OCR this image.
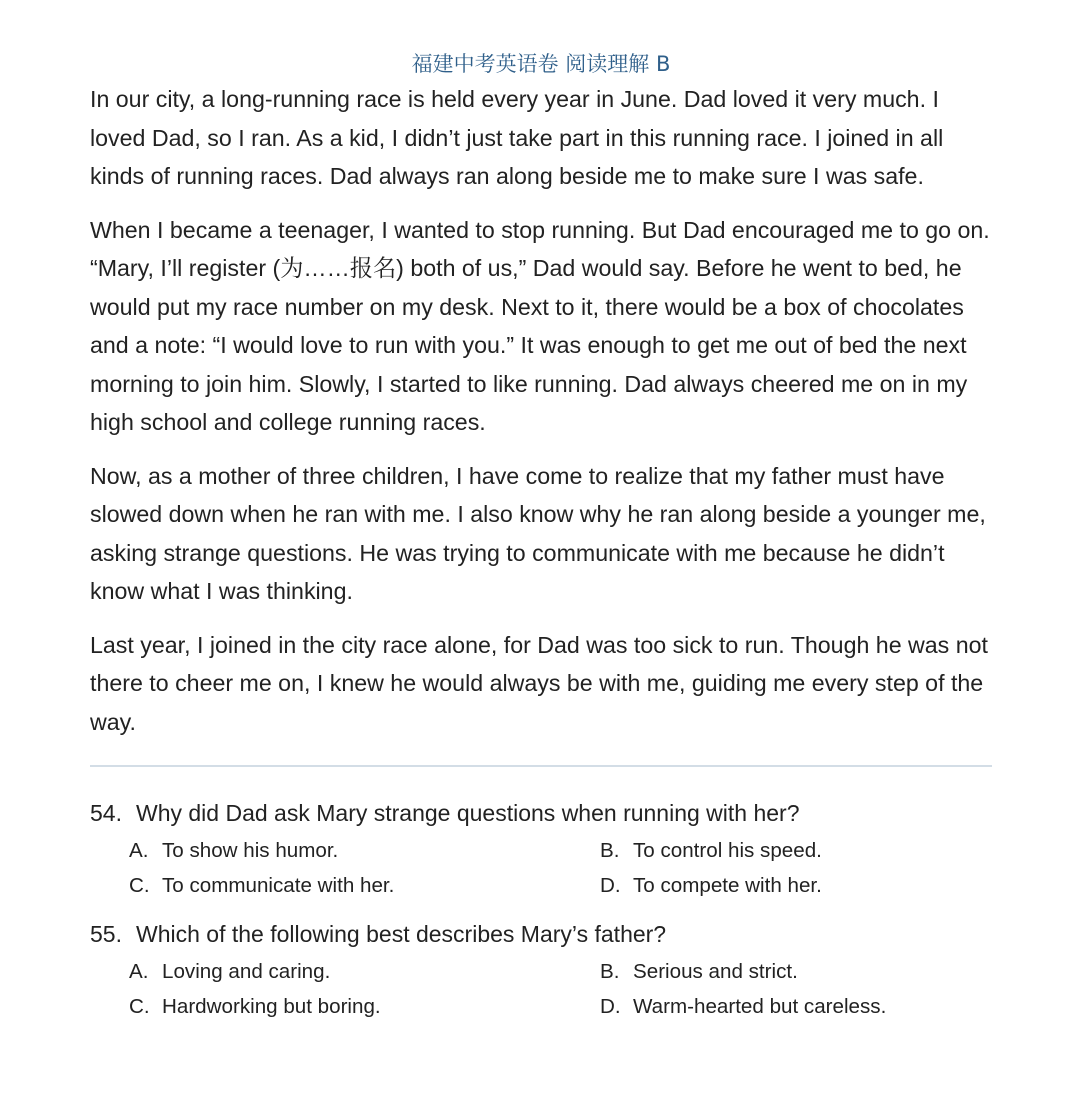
福建中考英语卷 阅读理解 B

In our city, a long-running race is held every year in June. Dad loved it very much. I loved Dad, so I ran. As a kid, I didn’t just take part in this running race. I joined in all kinds of running races. Dad always ran along beside me to make sure I was safe.

When I became a teenager, I wanted to stop running. But Dad encouraged me to go on. “Mary, I’ll register (为……报名) both of us,” Dad would say. Before he went to bed, he would put my race number on my desk. Next to it, there would be a box of chocolates and a note: “I would love to run with you.” It was enough to get me out of bed the next morning to join him. Slowly, I started to like running. Dad always cheered me on in my high school and college running races.

Now, as a mother of three children, I have come to realize that my father must have slowed down when he ran with me. I also know why he ran along beside a younger me, asking strange questions. He was trying to communicate with me because he didn’t know what I was thinking.

Last year, I joined in the city race alone, for Dad was too sick to run. Though he was not there to cheer me on, I knew he would always be with me, guiding me every step of the way.

54. Why did Dad ask Mary strange questions when running with her?
A. To show his humor.	B. To control his speed.
C. To communicate with her.	D. To compete with her.
55. Which of the following best describes Mary’s father?
A. Loving and caring.	B. Serious and strict.
C. Hardworking but boring.	D. Warm-hearted but careless.
